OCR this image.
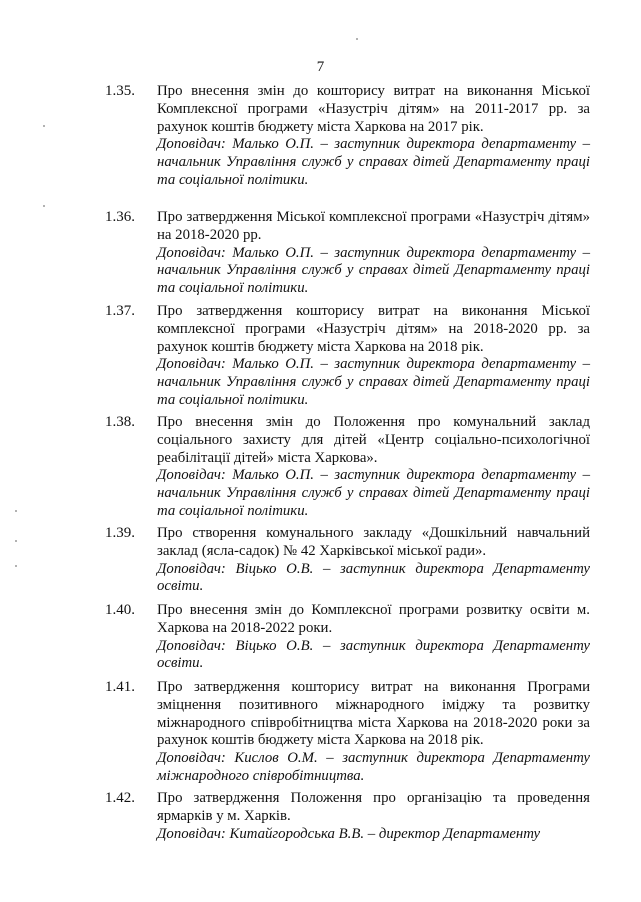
7
1.35. Про внесення змін до кошторису витрат на виконання Міської Комплексної програми «Назустріч дітям» на 2011-2017 рр. за рахунок коштів бюджету міста Харкова на 2017 рік.
Доповідач: Малько О.П. – заступник директора департаменту – начальник Управління служб у справах дітей Департаменту праці та соціальної політики.
1.36. Про затвердження Міської комплексної програми «Назустріч дітям» на 2018-2020 рр.
Доповідач: Малько О.П. – заступник директора департаменту – начальник Управління служб у справах дітей Департаменту праці та соціальної політики.
1.37. Про затвердження кошторису витрат на виконання Міської комплексної програми «Назустріч дітям» на 2018-2020 рр. за рахунок коштів бюджету міста Харкова на 2018 рік.
Доповідач: Малько О.П. – заступник директора департаменту – начальник Управління служб у справах дітей Департаменту праці та соціальної політики.
1.38. Про внесення змін до Положення про комунальний заклад соціального захисту для дітей «Центр соціально-психологічної реабілітації дітей» міста Харкова».
Доповідач: Малько О.П. – заступник директора департаменту – начальник Управління служб у справах дітей Департаменту праці та соціальної політики.
1.39. Про створення комунального закладу «Дошкільний навчальний заклад (ясла-садок) № 42 Харківської міської ради».
Доповідач: Віцько О.В. – заступник директора Департаменту освіти.
1.40. Про внесення змін до Комплексної програми розвитку освіти м. Харкова на 2018-2022 роки.
Доповідач: Віцько О.В. – заступник директора Департаменту освіти.
1.41. Про затвердження кошторису витрат на виконання Програми зміцнення позитивного міжнародного іміджу та розвитку міжнародного співробітництва міста Харкова на 2018-2020 роки за рахунок коштів бюджету міста Харкова на 2018 рік.
Доповідач: Кислов О.М. – заступник директора Департаменту міжнародного співробітництва.
1.42. Про затвердження Положення про організацію та проведення ярмарків у м. Харків.
Доповідач: Китайгородська В.В. – директор Департаменту
